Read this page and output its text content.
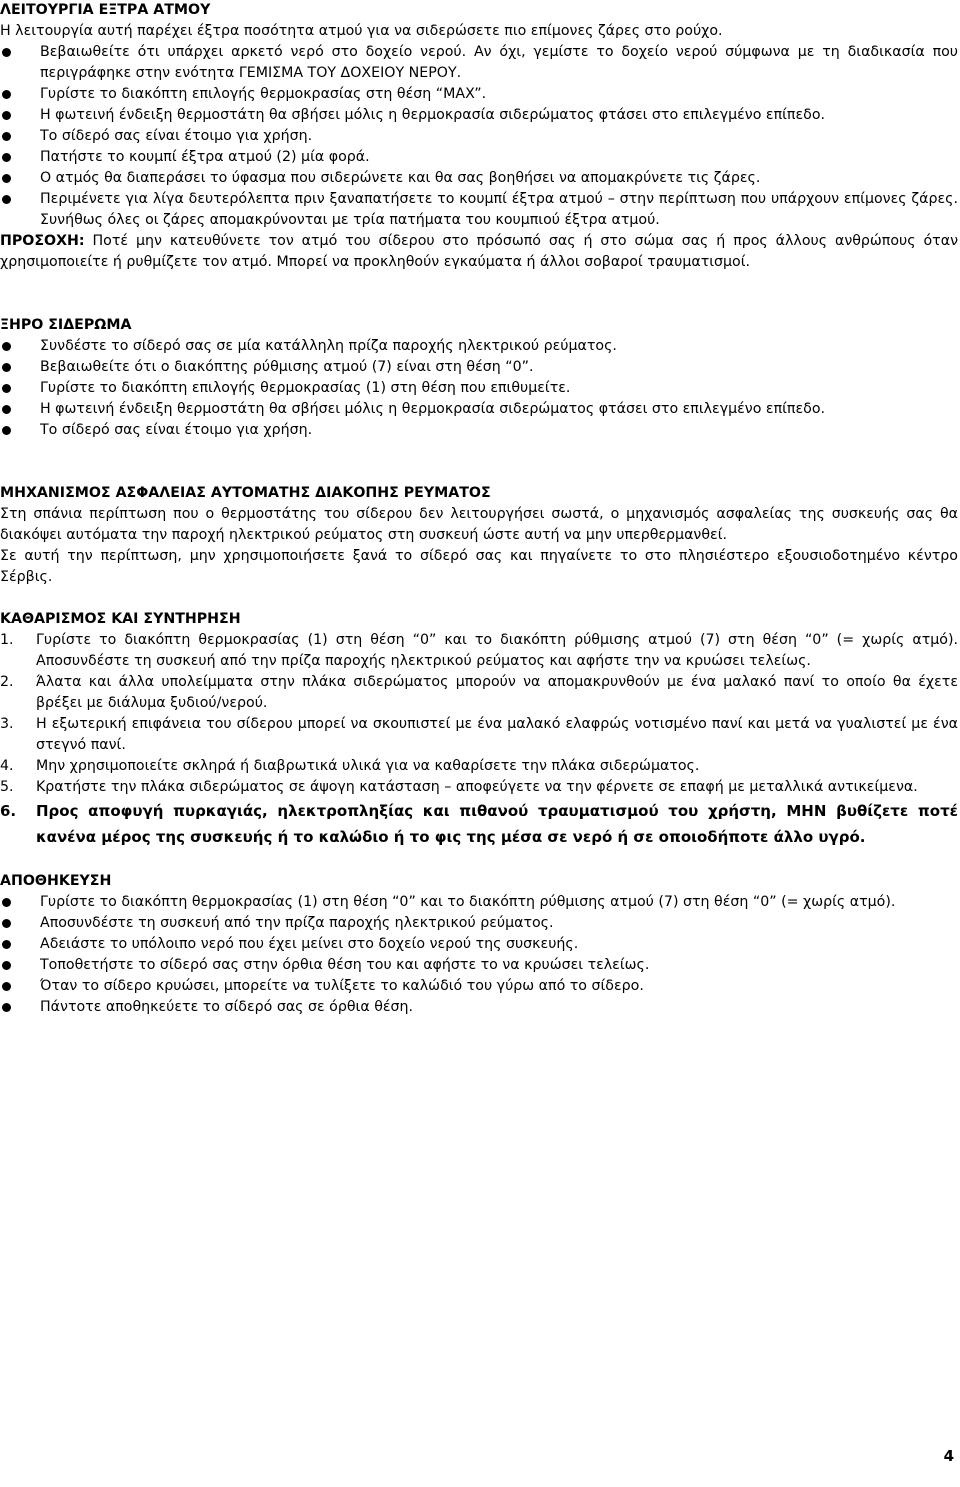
ΛΕΙΤΟΥΡΓΙΑ ΕΞΤΡΑ ΑΤΜΟΥ

Η λειτουργία αυτή παρέχει έξτρα ποσότητα ατμού για να σιδερώσετε πιο επίμονες ζάρες στο ρούχο.

Βεβαιωθείτε ότι υπάρχει αρκετό νερό στο δοχείο νερού. Αν όχι, γεμίστε το δοχείο νερού σύμφωνα με τη διαδικασία που περιγράφηκε στην ενότητα ΓΕΜΙΣΜΑ ΤΟΥ ΔΟΧΕΙΟΥ ΝΕΡΟΥ.
Γυρίστε το διακόπτη επιλογής θερμοκρασίας στη θέση “MAX”.
Η φωτεινή ένδειξη θερμοστάτη θα σβήσει μόλις η θερμοκρασία σιδερώματος φτάσει στο επιλεγμένο επίπεδο.
Το σίδερό σας είναι έτοιμο για χρήση.
Πατήστε το κουμπί έξτρα ατμού (2) μία φορά.
Ο ατμός θα διαπεράσει το ύφασμα που σιδερώνετε και θα σας βοηθήσει να απομακρύνετε τις ζάρες.
Περιμένετε για λίγα δευτερόλεπτα πριν ξαναπατήσετε το κουμπί έξτρα ατμού – στην περίπτωση που υπάρχουν επίμονες ζάρες. Συνήθως όλες οι ζάρες απομακρύνονται με τρία πατήματα του κουμπιού έξτρα ατμού.

ΠΡΟΣΟΧΗ: Ποτέ μην κατευθύνετε τον ατμό του σίδερου στο πρόσωπό σας ή στο σώμα σας ή προς άλλους ανθρώπους όταν χρησιμοποιείτε ή ρυθμίζετε τον ατμό. Μπορεί να προκληθούν εγκαύματα ή άλλοι σοβαροί τραυματισμοί.

ΞΗΡΟ ΣΙΔΕΡΩΜΑ
Συνδέστε το σίδερό σας σε μία κατάλληλη πρίζα παροχής ηλεκτρικού ρεύματος.
Βεβαιωθείτε ότι ο διακόπτης ρύθμισης ατμού (7) είναι στη θέση “0”.
Γυρίστε το διακόπτη επιλογής θερμοκρασίας (1) στη θέση που επιθυμείτε.
Η φωτεινή ένδειξη θερμοστάτη θα σβήσει μόλις η θερμοκρασία σιδερώματος φτάσει στο επιλεγμένο επίπεδο.
Το σίδερό σας είναι έτοιμο για χρήση.
ΜΗΧΑΝΙΣΜΟΣ ΑΣΦΑΛΕΙΑΣ ΑΥΤΟΜΑΤΗΣ ΔΙΑΚΟΠΗΣ ΡΕΥΜΑΤΟΣ

Στη σπάνια περίπτωση που ο θερμοστάτης του σίδερου δεν λειτουργήσει σωστά, ο μηχανισμός ασφαλείας της συσκευής σας θα διακόψει αυτόματα την παροχή ηλεκτρικού ρεύματος στη συσκευή ώστε αυτή να μην υπερθερμανθεί.

Σε αυτή την περίπτωση, μην χρησιμοποιήσετε ξανά το σίδερό σας και πηγαίνετε το στο πλησιέστερο εξουσιοδοτημένο κέντρο Σέρβις.

ΚΑΘΑΡΙΣΜΟΣ ΚΑΙ ΣΥΝΤΗΡΗΣΗ
1. Γυρίστε το διακόπτη θερμοκρασίας (1) στη θέση “0” και το διακόπτη ρύθμισης ατμού (7) στη θέση “0” (= χωρίς ατμό). Αποσυνδέστε τη συσκευή από την πρίζα παροχής ηλεκτρικού ρεύματος και αφήστε την να κρυώσει τελείως.
2. Άλατα και άλλα υπολείμματα στην πλάκα σιδερώματος μπορούν να απομακρυνθούν με ένα μαλακό πανί το οποίο θα έχετε βρέξει με διάλυμα ξυδιού/νερού.
3. Η εξωτερική επιφάνεια του σίδερου μπορεί να σκουπιστεί με ένα μαλακό ελαφρώς νοτισμένο πανί και μετά να γυαλιστεί με ένα στεγνό πανί.
4. Μην χρησιμοποιείτε σκληρά ή διαβρωτικά υλικά για να καθαρίσετε την πλάκα σιδερώματος.
5. Κρατήστε την πλάκα σιδερώματος σε άψογη κατάσταση – αποφεύγετε να την φέρνετε σε επαφή με μεταλλικά αντικείμενα.
6. Προς αποφυγή πυρκαγιάς, ηλεκτροπληξίας και πιθανού τραυματισμού του χρήστη, ΜΗΝ βυθίζετε ποτέ κανένα μέρος της συσκευής ή το καλώδιο ή το φις της μέσα σε νερό ή σε οποιοδήποτε άλλο υγρό.
ΑΠΟΘΗΚΕΥΣΗ
Γυρίστε το διακόπτη θερμοκρασίας (1) στη θέση “0” και το διακόπτη ρύθμισης ατμού (7) στη θέση “0” (= χωρίς ατμό).
Αποσυνδέστε τη συσκευή από την πρίζα παροχής ηλεκτρικού ρεύματος.
Αδειάστε το υπόλοιπο νερό που έχει μείνει στο δοχείο νερού της συσκευής.
Τοποθετήστε το σίδερό σας στην όρθια θέση του και αφήστε το να κρυώσει τελείως.
Όταν το σίδερο κρυώσει, μπορείτε να τυλίξετε το καλώδιό του γύρω από το σίδερο.
Πάντοτε αποθηκεύετε το σίδερό σας σε όρθια θέση.
4
